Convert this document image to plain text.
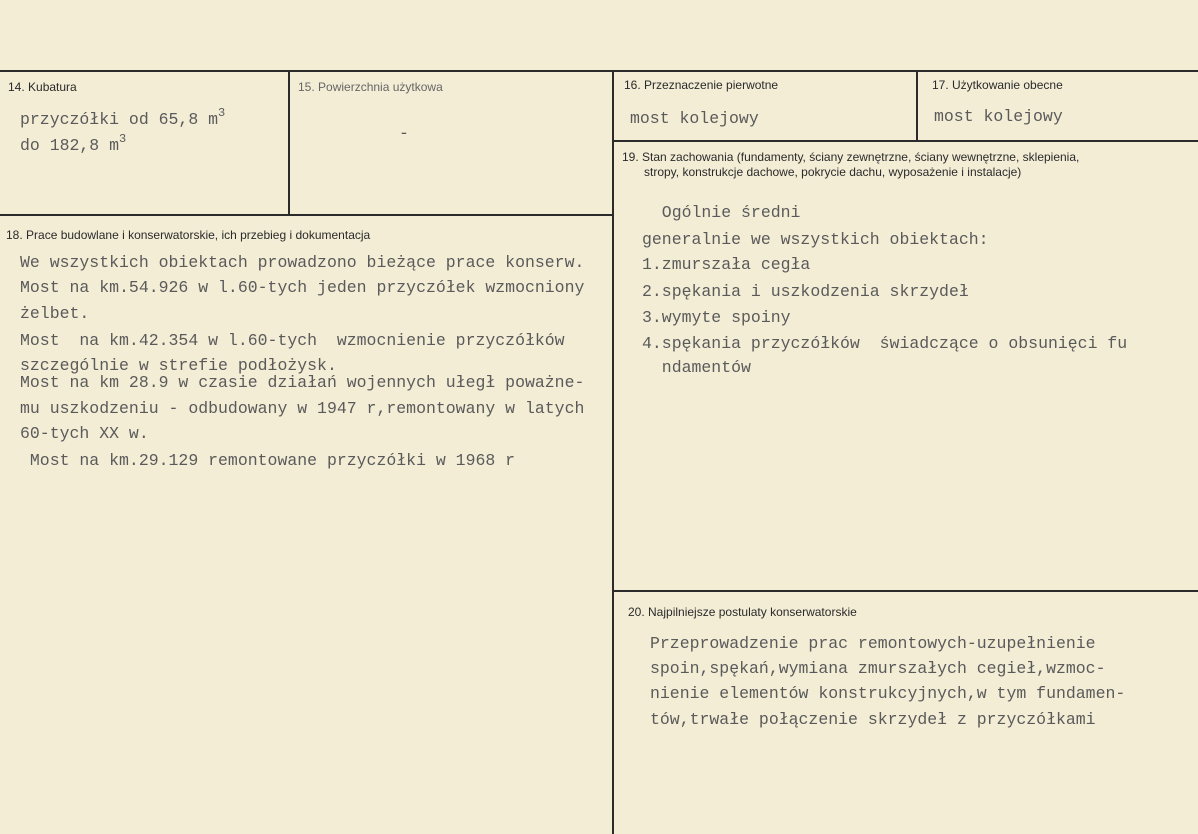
14. Kubatura
przyczółki od 65,8 $m^3$
do 182,8 $m^3$
15. Powierzchnia użytkowa
-
16. Przeznaczenie pierwotne
most kolejowy
17. Użytkowanie obecne
most kolejowy
19. Stan zachowania (fundamenty, ściany zewnętrzne, ściany wewnętrzne, sklepienia,
stropy, konstrukcje dachowe, pokrycie dachu, wyposażenie i instalacje)
Ogólnie średni
generalnie we wszystkich obiektach:
1.zmurszała cegła
2.spękania i uszkodzenia skrzydeł
3.wymyte spoiny
4.spękania przyczółków  świadczące o obsunięci fu
ndamentów
18. Prace budowlane i konserwatorskie, ich przebieg i dokumentacja
We wszystkich obiektach prowadzono bieżące prace konserw.
Most na km.54.926 w l.60-tych jeden przyczółek wzmocniony
żelbet.
Most  na km.42.354 w l.60-tych  wzmocnienie przyczółków
szczególnie w strefie podłożysk.
Most na km 28.9 w czasie działań wojennych ułegł poważne-
mu uszkodzeniu - odbudowany w 1947 r,remontowany w latych
60-tych XX w.
Most na km.29.129 remontowane przyczółki w 1968 r
20. Najpilniejsze postulaty konserwatorskie
Przeprowadzenie prac remontowych-uzupełnienie
spoin,spękań,wymiana zmurszałych cegieł,wzmoc-
nienie elementów konstrukcyjnych,w tym fundamen-
tów,trwałe połączenie skrzydeł z przyczółkami
